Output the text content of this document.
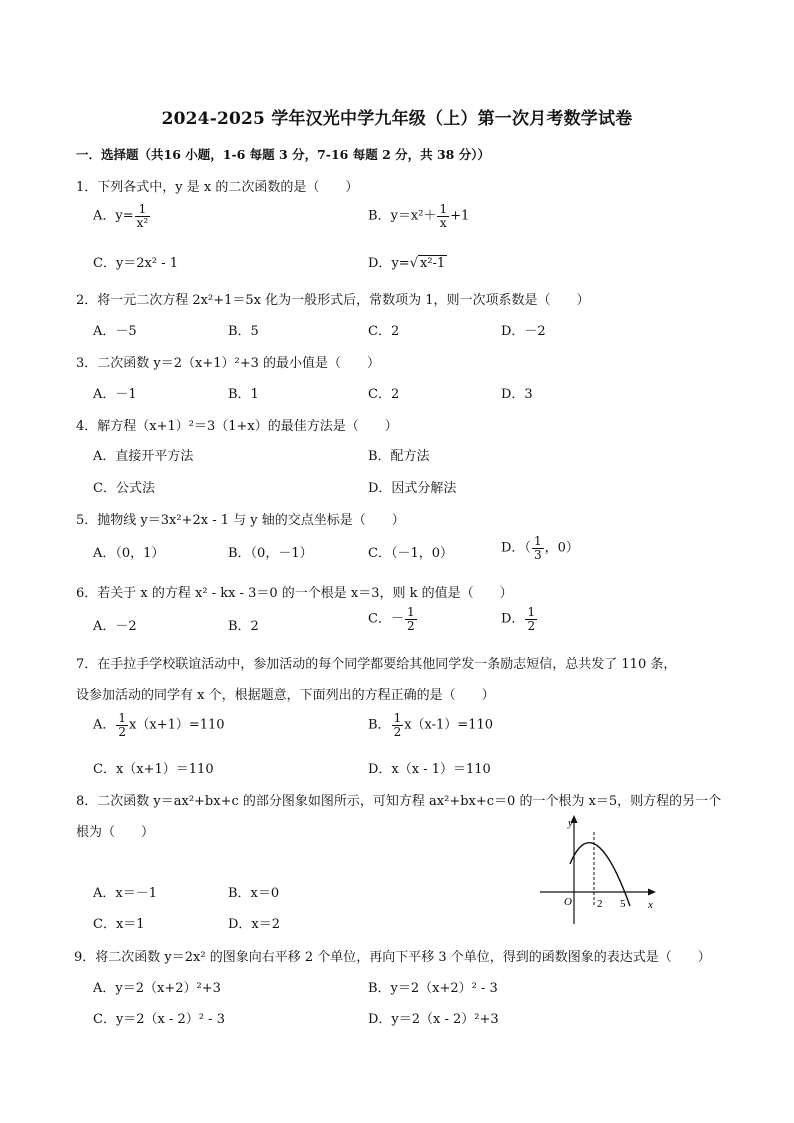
2024-2025 学年汉光中学九年级（上）第一次月考数学试卷
一．选择题（共16 小题，1-6 每题 3 分，7-16 每题 2 分，共 38 分））
1．下列各式中，y 是 x 的二次函数的是（　　）
A．$y= \frac{1}{\text{x²}}$	B．$y=x^2+ \frac{1}{x} +1$
C．y＝2x² - 1	D．y=√ x²-1
2．将一元二次方程 2x²+1＝5x 化为一般形式后，常数项为 1，则一次项系数是（　　）
A．－5	B．5	C．2	D．－2
3．二次函数 y＝2（x+1）²+3 的最小值是（　　）
A．－1	B．1	C．2	D．3
4．解方程（x+1）²＝3（1+x）的最佳方法是（　　）
A．直接开平方法	B．配方法
C．公式法	D．因式分解法
5．抛物线 y＝3x²+2x - 1 与 y 轴的交点坐标是（　　）
A．（0，1）	B．（0，－1）	C．（－1，0）	D．（ $\frac{1}{3}$ ，0）
6．若关于 x 的方程 x² - kx - 3＝0 的一个根是 x＝3，则 k 的值是（　　）
A．－2	B．2	C．－ $\frac{1}{2}$	D． $\frac{1}{2}$
7．在手拉手学校联谊活动中，参加活动的每个同学都要给其他同学发一条励志短信，总共发了 110 条，
设参加活动的同学有 x 个，根据题意，下面列出的方程正确的是（　　）
A． $\frac{1}{2} x(x+1)=110$	B． $\frac{1}{2} x(x-1)=110$
C．x（x+1）＝110	D．x（x - 1）＝110
8．二次函数 y＝ax²+bx+c 的部分图象如图所示，可知方程 ax²+bx+c＝0 的一个根为 x＝5，则方程的另一个
根为（　　）
A．x＝－1	B．x＝0
C．x＝1	D．x＝2
y
x
O 2 5
9．将二次函数 y＝2x² 的图象向右平移 2 个单位，再向下平移 3 个单位，得到的函数图象的表达式是（　　）
A．y＝2（x+2）²+3	B．y＝2（x+2）² - 3
C．y＝2（x - 2）² - 3	D．y＝2（x - 2）²+3
